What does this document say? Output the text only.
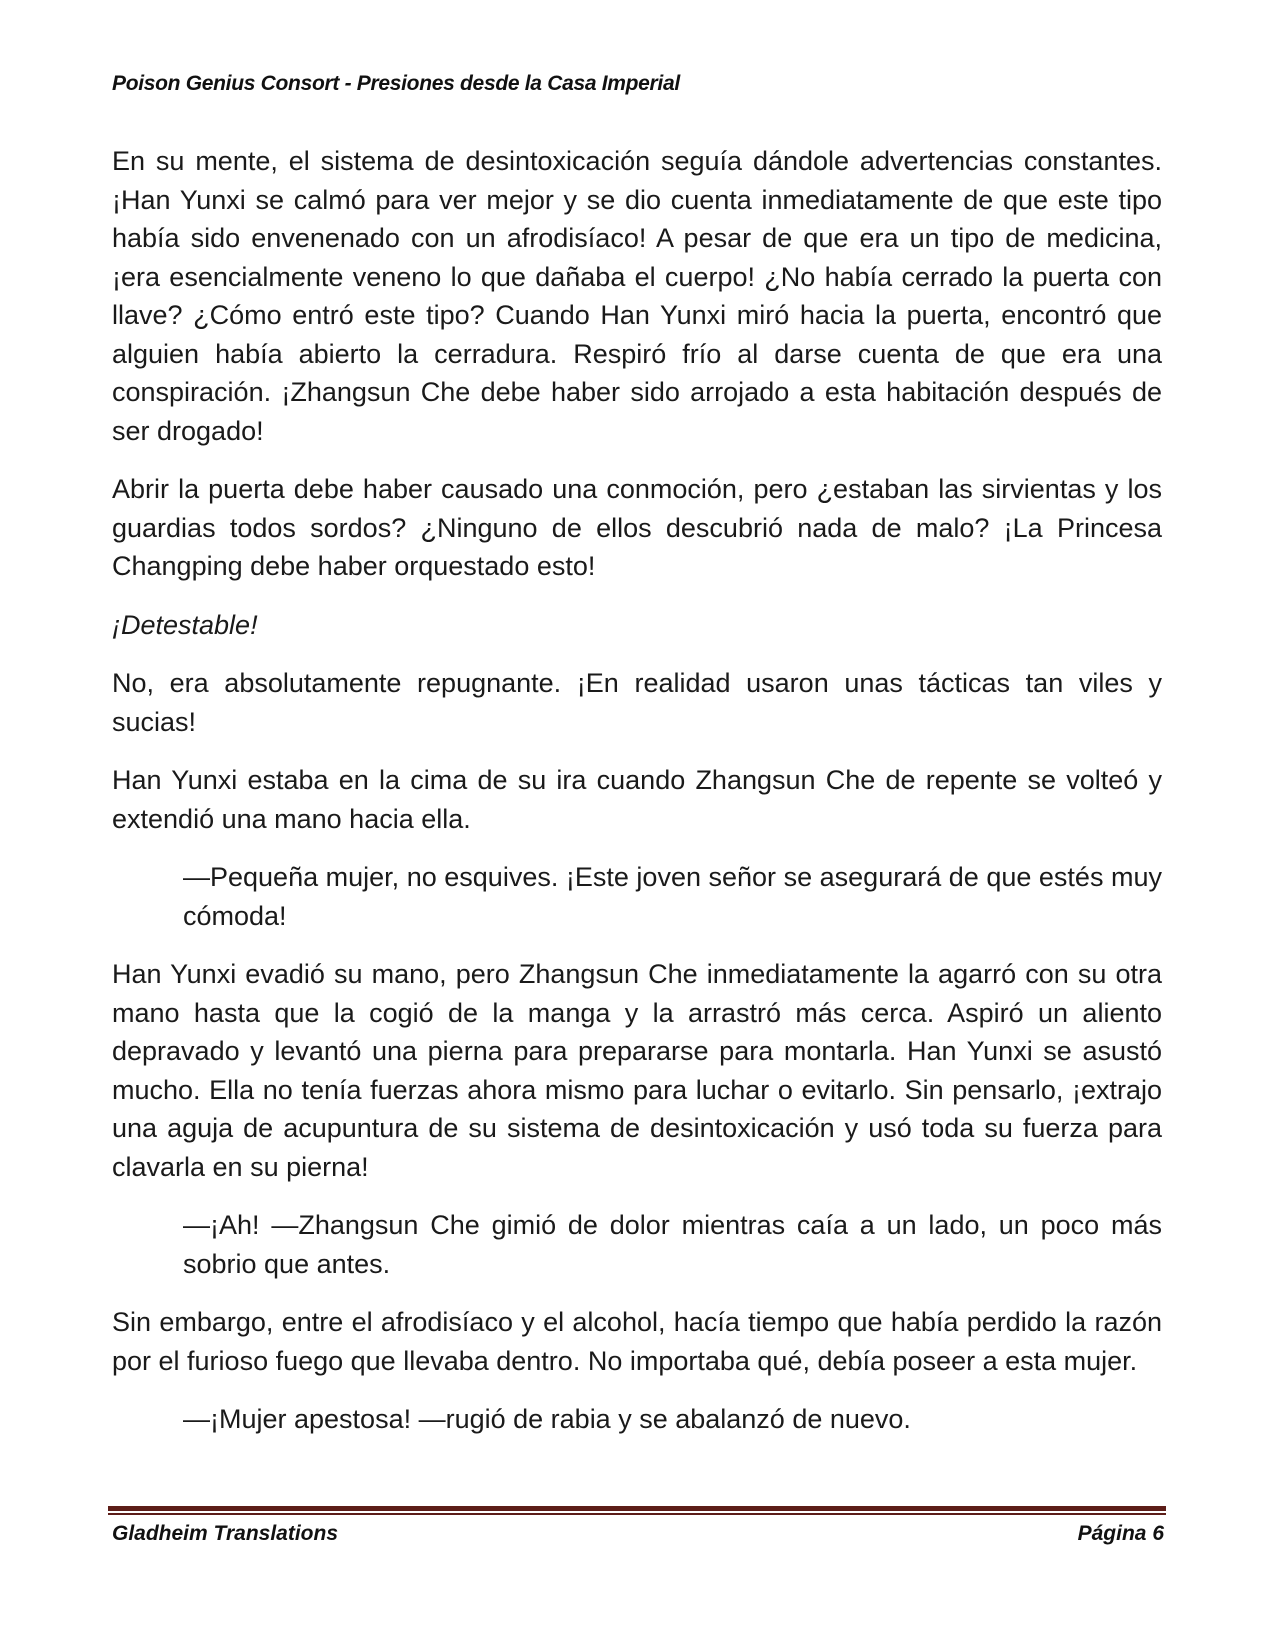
Poison Genius Consort - Presiones desde la Casa Imperial

En su mente, el sistema de desintoxicación seguía dándole advertencias constantes. ¡Han Yunxi se calmó para ver mejor y se dio cuenta inmediatamente de que este tipo había sido envenenado con un afrodisíaco! A pesar de que era un tipo de medicina, ¡era esencialmente veneno lo que dañaba el cuerpo! ¿No había cerrado la puerta con llave? ¿Cómo entró este tipo? Cuando Han Yunxi miró hacia la puerta, encontró que alguien había abierto la cerradura. Respiró frío al darse cuenta de que era una conspiración. ¡Zhangsun Che debe haber sido arrojado a esta habitación después de ser drogado!

Abrir la puerta debe haber causado una conmoción, pero ¿estaban las sirvientas y los guardias todos sordos? ¿Ninguno de ellos descubrió nada de malo? ¡La Princesa Changping debe haber orquestado esto!

¡Detestable!

No, era absolutamente repugnante. ¡En realidad usaron unas tácticas tan viles y sucias!

Han Yunxi estaba en la cima de su ira cuando Zhangsun Che de repente se volteó y extendió una mano hacia ella.

—Pequeña mujer, no esquives. ¡Este joven señor se asegurará de que estés muy cómoda!

Han Yunxi evadió su mano, pero Zhangsun Che inmediatamente la agarró con su otra mano hasta que la cogió de la manga y la arrastró más cerca. Aspiró un aliento depravado y levantó una pierna para prepararse para montarla. Han Yunxi se asustó mucho. Ella no tenía fuerzas ahora mismo para luchar o evitarlo. Sin pensarlo, ¡extrajo una aguja de acupuntura de su sistema de desintoxicación y usó toda su fuerza para clavarla en su pierna!

—¡Ah! —Zhangsun Che gimió de dolor mientras caía a un lado, un poco más sobrio que antes.

Sin embargo, entre el afrodisíaco y el alcohol, hacía tiempo que había perdido la razón por el furioso fuego que llevaba dentro. No importaba qué, debía poseer a esta mujer.

—¡Mujer apestosa! —rugió de rabia y se abalanzó de nuevo.

Gladheim Translations	Página 6
